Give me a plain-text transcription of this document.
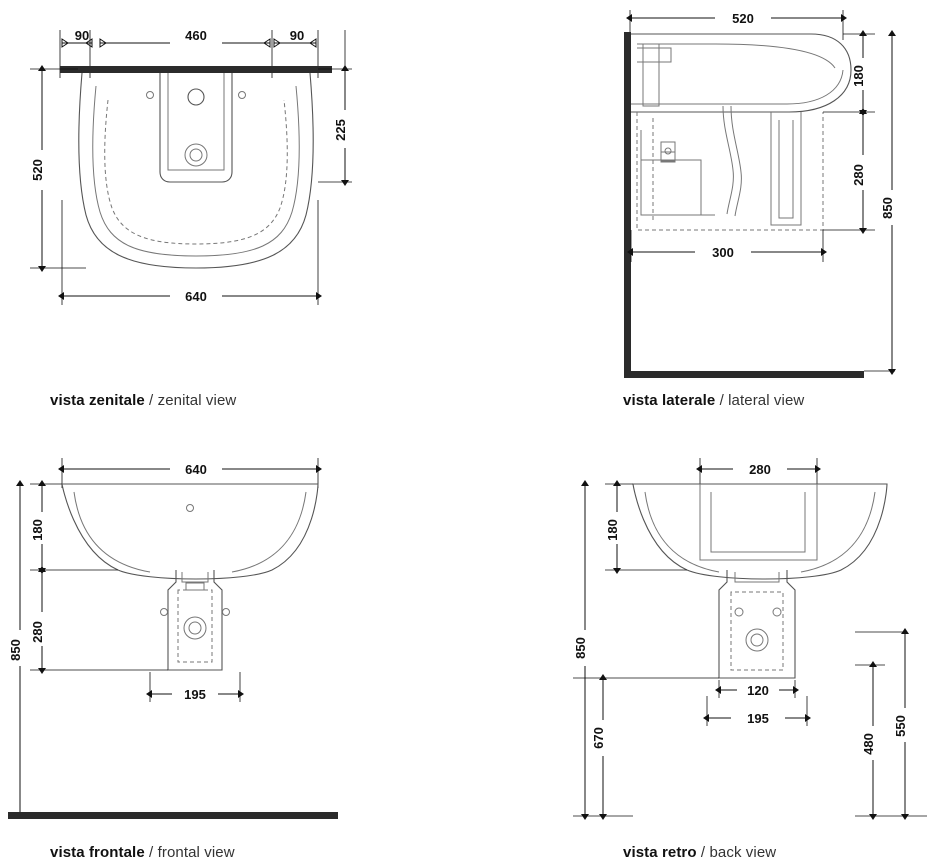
90	460	90
225
520
640
vista zenitale / zenital view
520
180
280
850
300
vista laterale / lateral view
640
180
280
850
195
vista frontale / frontal view
280
180
850
670
120
195
480
550
vista retro / back view
